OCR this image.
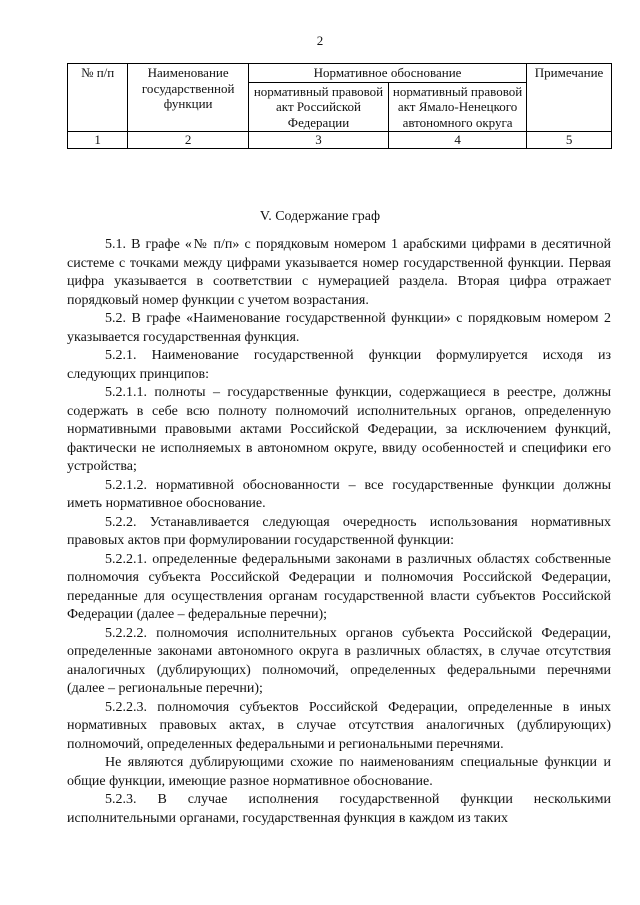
2
№ п/п	Наименование государственной функции	Нормативное обоснование		Примечание
		нормативный правовой акт Российской Федерации	нормативный правовой акт Ямало-Ненецкого автономного округа	
1	2	3	4	5
V. Содержание граф

5.1. В графе «№ п/п» с порядковым номером 1 арабскими цифрами в десятичной системе с точками между цифрами указывается номер государственной функции. Первая цифра указывается в соответствии с нумерацией раздела. Вторая цифра отражает порядковый номер функции с учетом возрастания.

5.2. В графе «Наименование государственной функции» с порядковым номером 2 указывается государственная функция.

5.2.1. Наименование государственной функции формулируется исходя из следующих принципов:

5.2.1.1. полноты – государственные функции, содержащиеся в реестре, должны содержать в себе всю полноту полномочий исполнительных органов, определенную нормативными правовыми актами Российской Федерации, за исключением функций, фактически не исполняемых в автономном округе, ввиду особенностей и специфики его устройства;

5.2.1.2. нормативной обоснованности – все государственные функции должны иметь нормативное обоснование.

5.2.2. Устанавливается следующая очередность использования нормативных правовых актов при формулировании государственной функции:

5.2.2.1. определенные федеральными законами в различных областях собственные полномочия субъекта Российской Федерации и полномочия Российской Федерации, переданные для осуществления органам государственной власти субъектов Российской Федерации (далее – федеральные перечни);

5.2.2.2. полномочия исполнительных органов субъекта Российской Федерации, определенные законами автономного округа в различных областях, в случае отсутствия аналогичных (дублирующих) полномочий, определенных федеральными перечнями (далее – региональные перечни);

5.2.2.3. полномочия субъектов Российской Федерации, определенные в иных нормативных правовых актах, в случае отсутствия аналогичных (дублирующих) полномочий, определенных федеральными и региональными перечнями.

Не являются дублирующими схожие по наименованиям специальные функции и общие функции, имеющие разное нормативное обоснование.

5.2.3. В случае исполнения государственной функции несколькими исполнительными органами, государственная функция в каждом из таких
